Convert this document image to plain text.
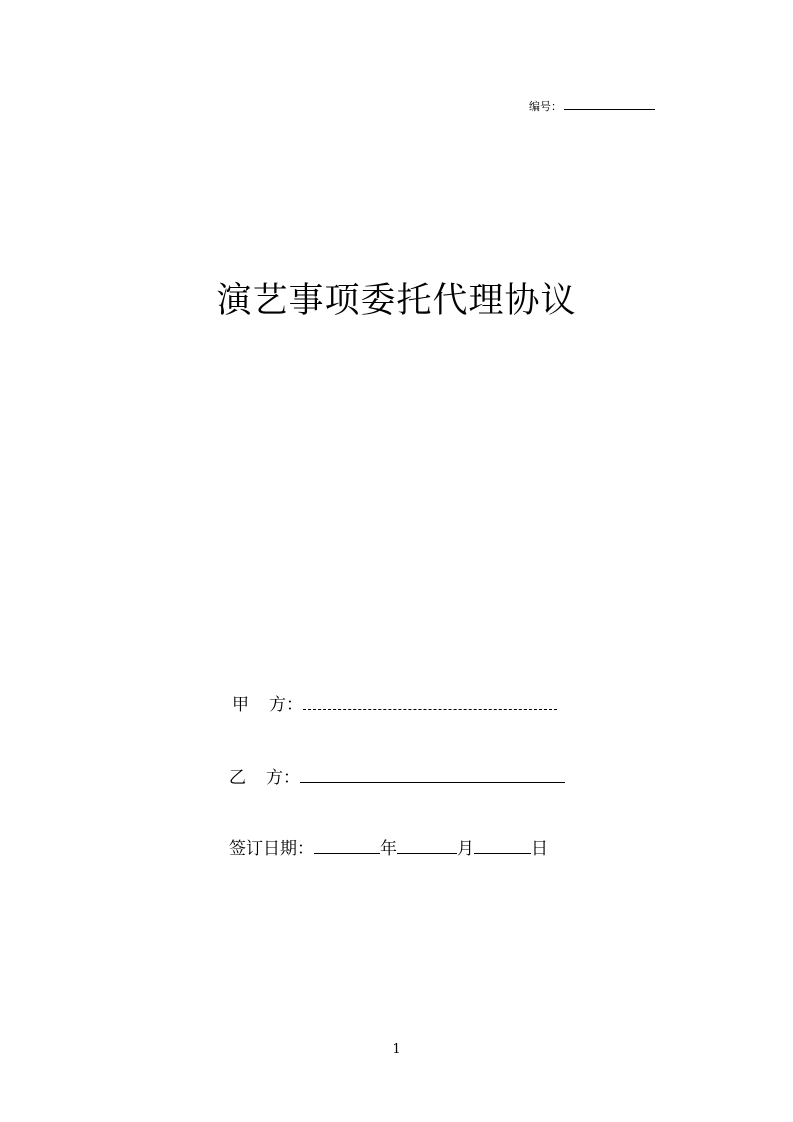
编号：
演艺事项委托代理协议
甲 方：
乙 方：
签订日期：	年	月	日
1
